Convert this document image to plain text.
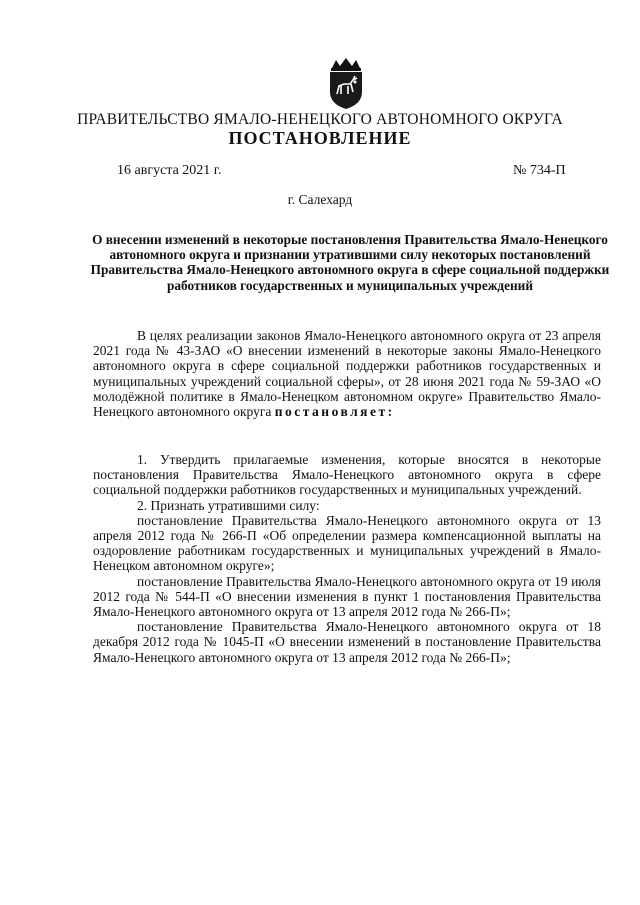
ПРАВИТЕЛЬСТВО ЯМАЛО-НЕНЕЦКОГО АВТОНОМНОГО ОКРУГА
ПОСТАНОВЛЕНИЕ
16 августа 2021 г.	№ 734-П
г. Салехард
О внесении изменений в некоторые постановления Правительства Ямало-Ненецкого автономного округа и признании утратившими силу некоторых постановлений Правительства Ямало-Ненецкого автономного округа в сфере социальной поддержки работников государственных и муниципальных учреждений

В целях реализации законов Ямало-Ненецкого автономного округа от 23 апреля 2021 года № 43-ЗАО «О внесении изменений в некоторые законы Ямало-Ненецкого автономного округа в сфере социальной поддержки работников государственных и муниципальных учреждений социальной сферы», от 28 июня 2021 года № 59-ЗАО «О молодёжной политике в Ямало-Ненецком автономном округе» Правительство Ямало-Ненецкого автономного округа постановляет:

1. Утвердить прилагаемые изменения, которые вносятся в некоторые постановления Правительства Ямало-Ненецкого автономного округа в сфере социальной поддержки работников государственных и муниципальных учреждений.

2. Признать утратившими силу:

постановление Правительства Ямало-Ненецкого автономного округа от 13 апреля 2012 года № 266-П «Об определении размера компенсационной выплаты на оздоровление работникам государственных и муниципальных учреждений в Ямало-Ненецком автономном округе»;

постановление Правительства Ямало-Ненецкого автономного округа от 19 июля 2012 года № 544-П «О внесении изменения в пункт 1 постановления Правительства Ямало-Ненецкого автономного округа от 13 апреля 2012 года № 266-П»;

постановление Правительства Ямало-Ненецкого автономного округа от 18 декабря 2012 года № 1045-П «О внесении изменений в постановление Правительства Ямало-Ненецкого автономного округа от 13 апреля 2012 года № 266-П»;
